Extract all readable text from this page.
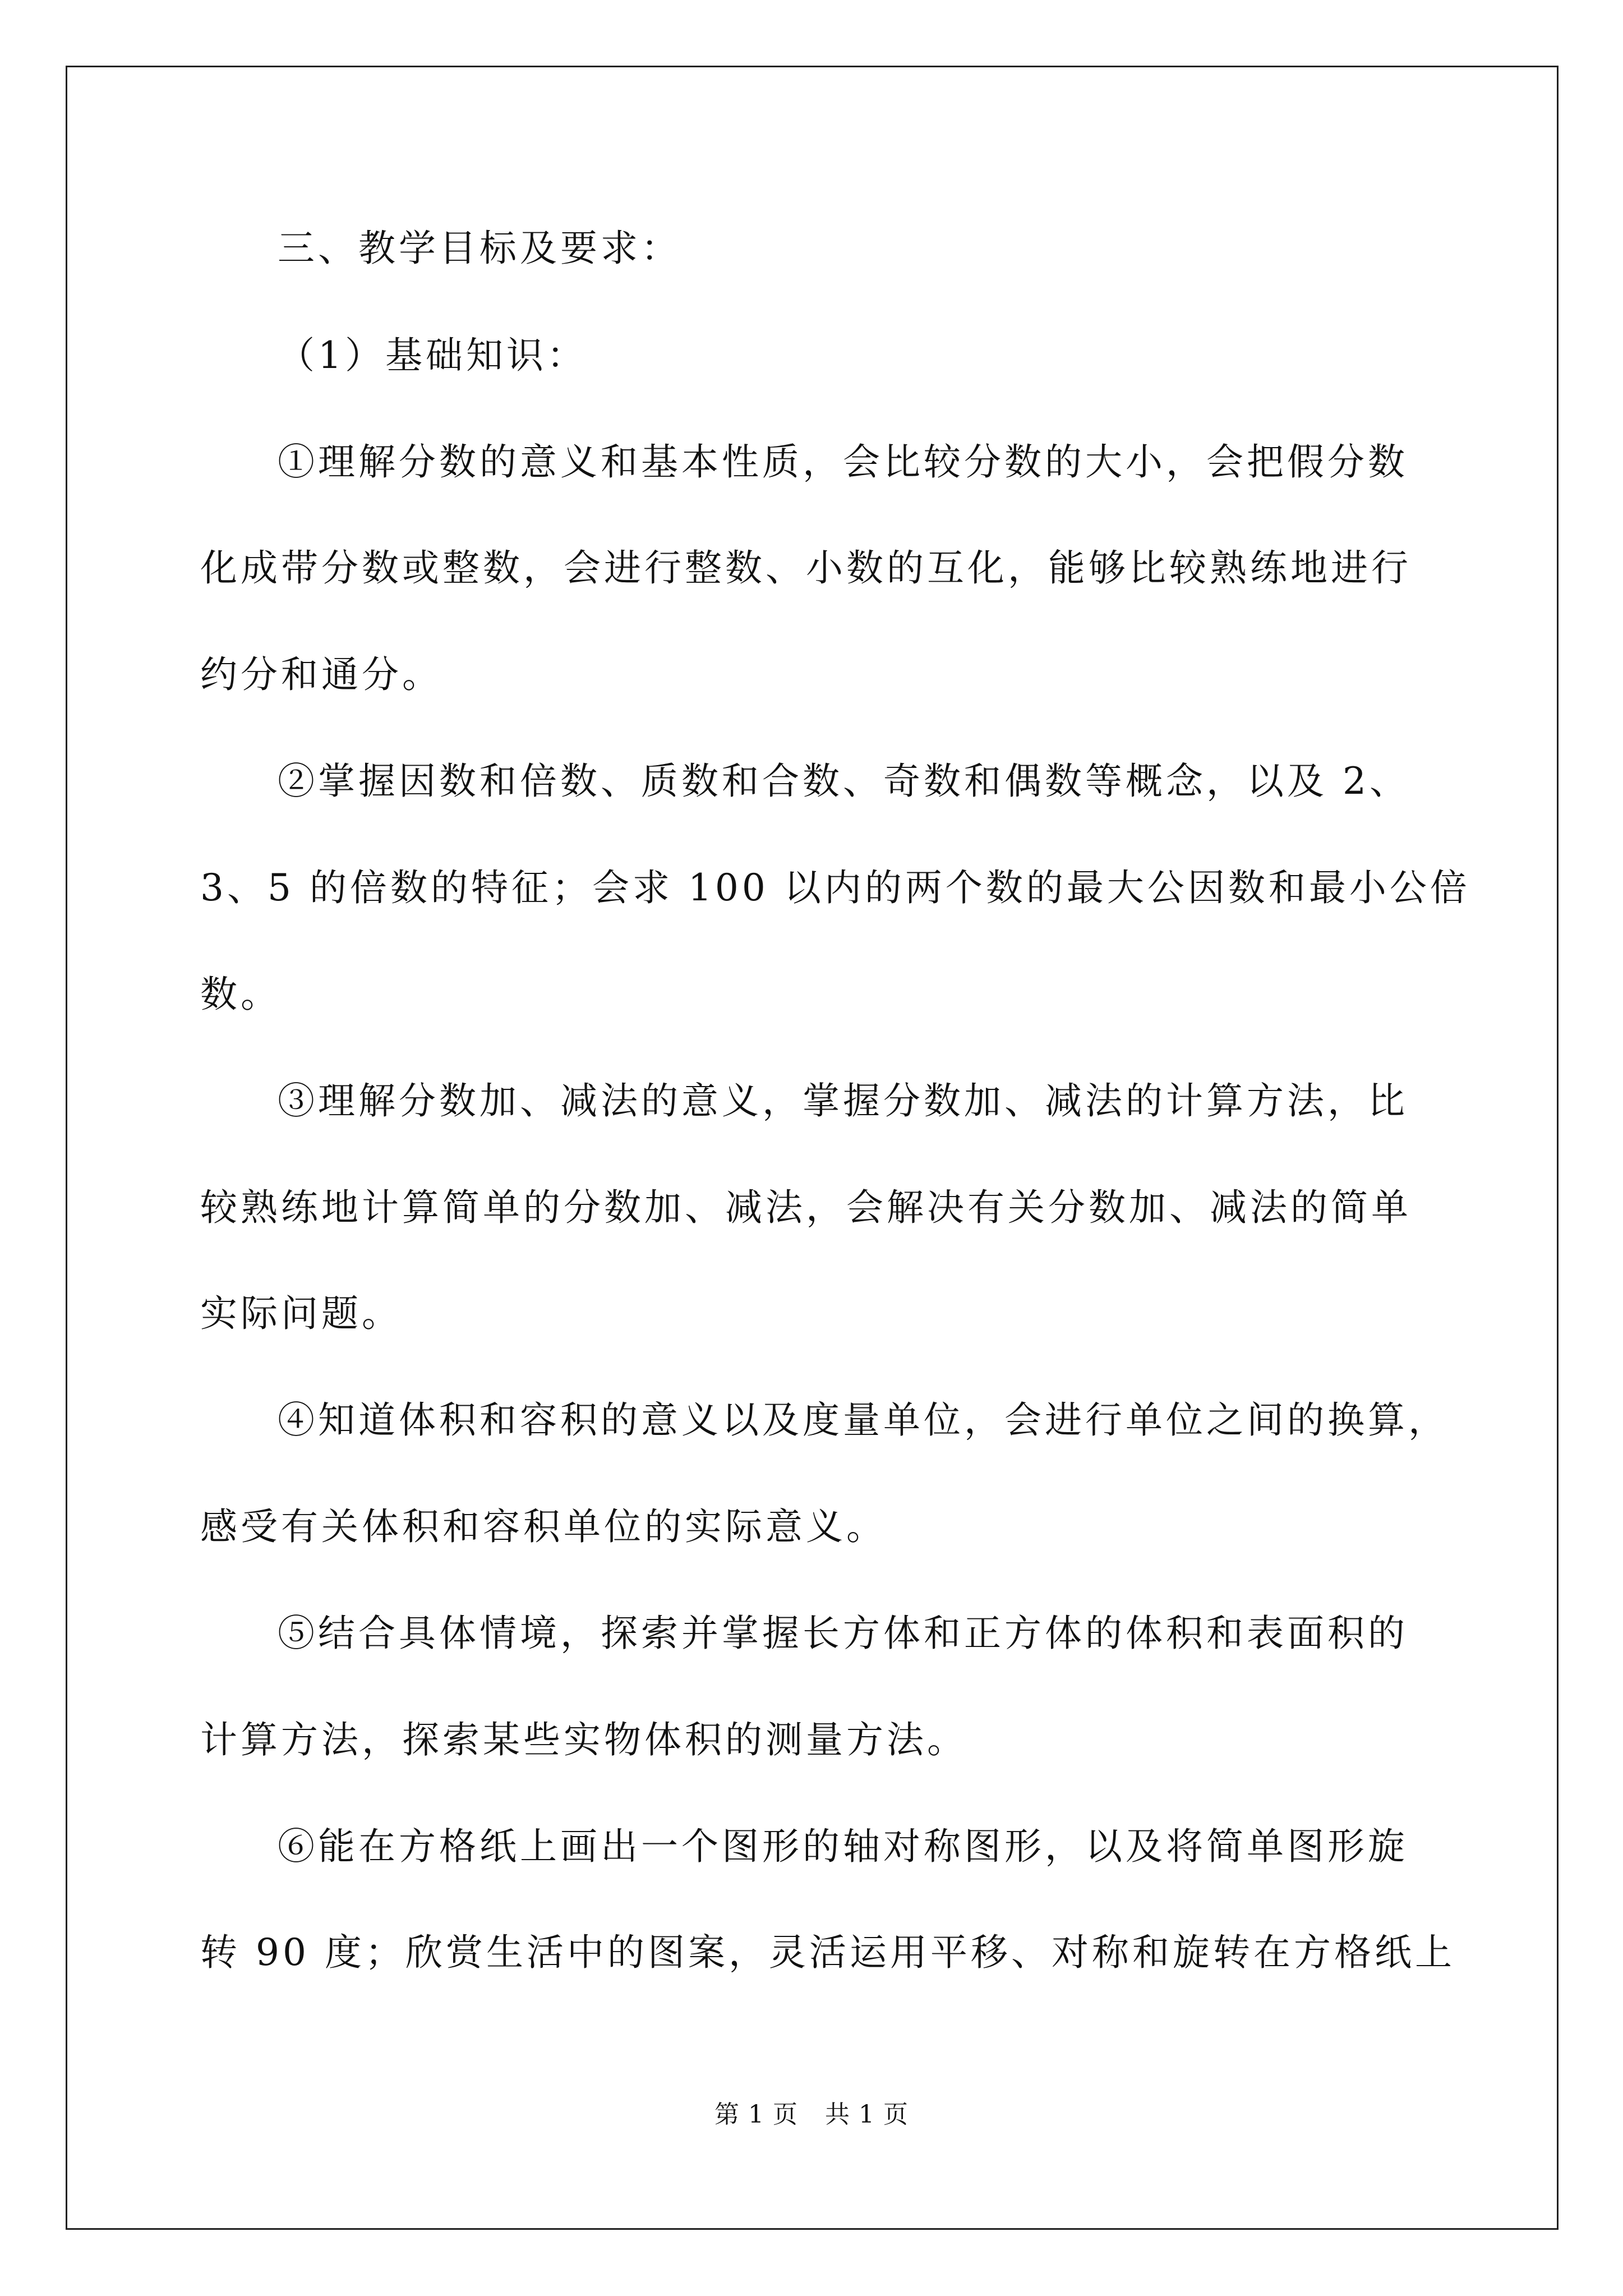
三、教学目标及要求：
（1）基础知识：
①理解分数的意义和基本性质，会比较分数的大小，会把假分数
化成带分数或整数，会进行整数、小数的互化，能够比较熟练地进行
约分和通分。
②掌握因数和倍数、质数和合数、奇数和偶数等概念，以及 2、
3、5 的倍数的特征；会求 100 以内的两个数的最大公因数和最小公倍
数。
③理解分数加、减法的意义，掌握分数加、减法的计算方法，比
较熟练地计算简单的分数加、减法，会解决有关分数加、减法的简单
实际问题。
④知道体积和容积的意义以及度量单位，会进行单位之间的换算，
感受有关体积和容积单位的实际意义。
⑤结合具体情境，探索并掌握长方体和正方体的体积和表面积的
计算方法，探索某些实物体积的测量方法。
⑥能在方格纸上画出一个图形的轴对称图形，以及将简单图形旋
转 90 度；欣赏生活中的图案，灵活运用平移、对称和旋转在方格纸上
第 1 页 共 1 页
